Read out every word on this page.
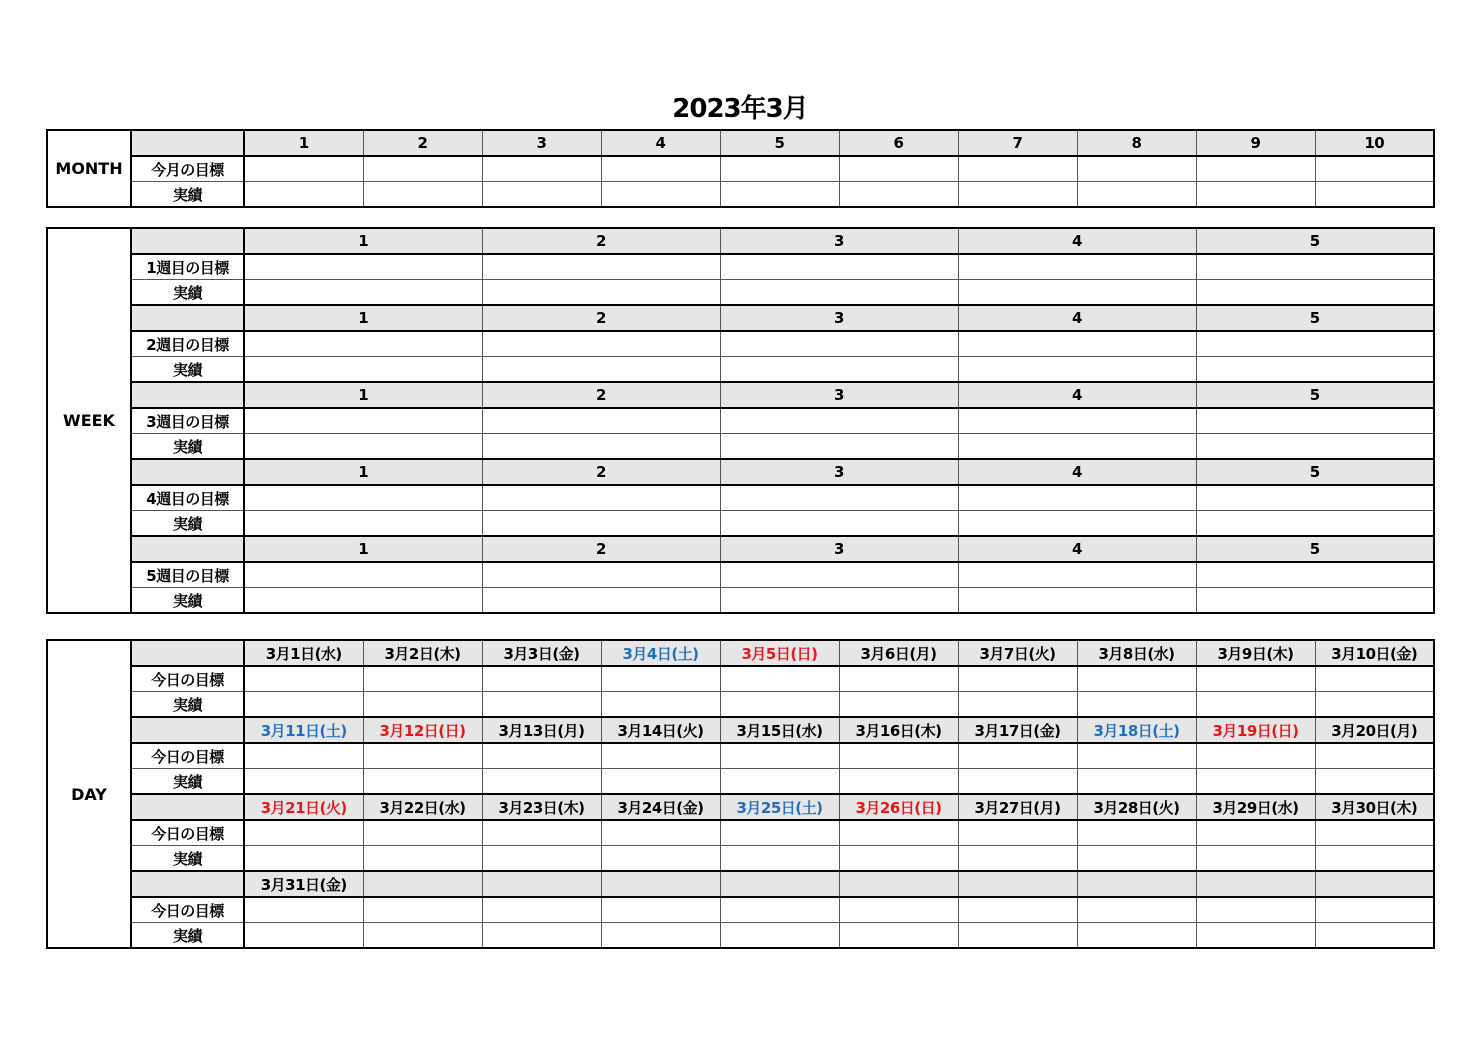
2023年3月
MONTH		1	2	3	4	5	6	7	8	9	10
	今月の目標										
	実績										
WEEK		1	2	3	4	5
	1週目の目標					
	実績					
		1	2	3	4	5
	2週目の目標					
	実績					
		1	2	3	4	5
	3週目の目標					
	実績					
		1	2	3	4	5
	4週目の目標					
	実績					
		1	2	3	4	5
	5週目の目標					
	実績					
DAY		3月1日(水)	3月2日(木)	3月3日(金)	3月4日(土)	3月5日(日)	3月6日(月)	3月7日(火)	3月8日(水)	3月9日(木)	3月10日(金)
	今日の目標										
	実績										
		3月11日(土)	3月12日(日)	3月13日(月)	3月14日(火)	3月15日(水)	3月16日(木)	3月17日(金)	3月18日(土)	3月19日(日)	3月20日(月)
	今日の目標										
	実績										
		3月21日(火)	3月22日(水)	3月23日(木)	3月24日(金)	3月25日(土)	3月26日(日)	3月27日(月)	3月28日(火)	3月29日(水)	3月30日(木)
	今日の目標										
	実績										
		3月31日(金)									
	今日の目標										
	実績										
